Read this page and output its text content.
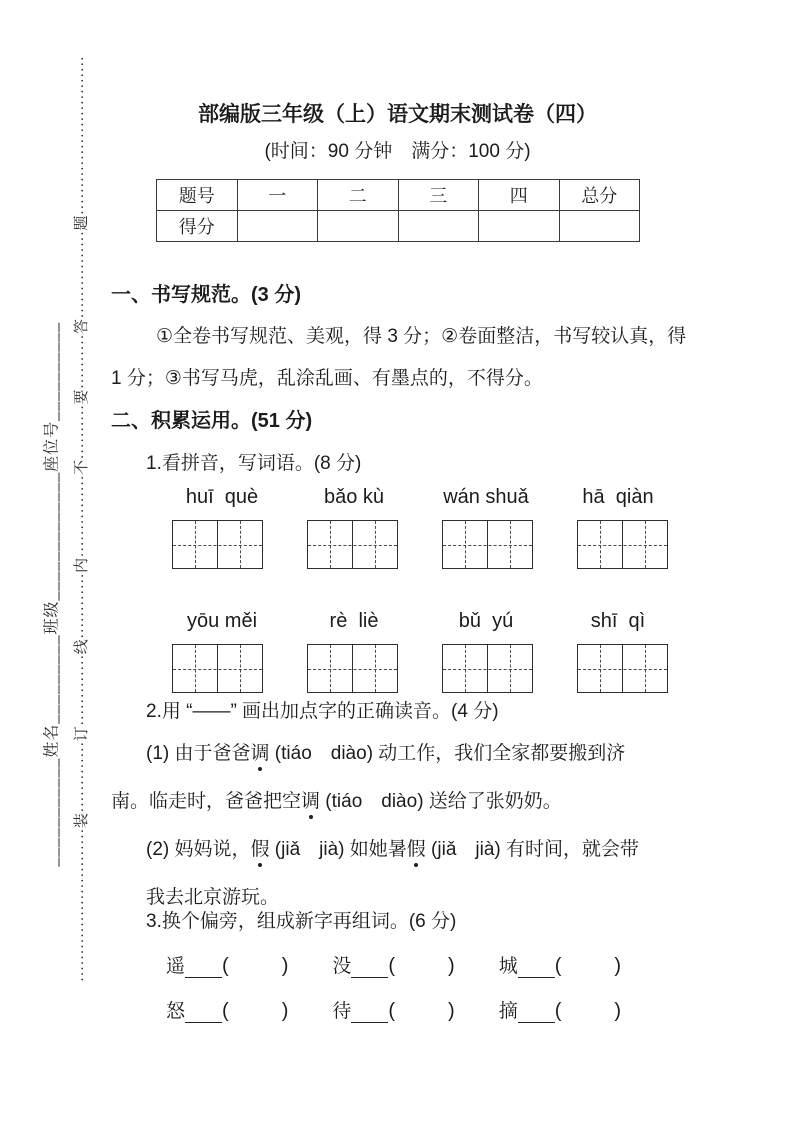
····························装·············订·············线············内···············不··········要··········答················题·····························
___________姓名_________班级_____________座位号__________
部编版三年级（上）语文期末测试卷（四）
(时间：90 分钟　满分：100 分)
题号	一	二	三	四	总分
得分					
一、书写规范。(3 分)
①全卷书写规范、美观，得 3 分；②卷面整洁，书写较认真，得
1 分；③书写马虎，乱涂乱画、有墨点的，不得分。
二、积累运用。(51 分)
1.看拼音，写词语。(8 分)
huī  què	bǎo kù	wán shuǎ	hā  qiàn
yōu měi	rè  liè	bǔ  yú	shī  qì
2.用 “——” 画出加点字的正确读音。(4 分)
(1) 由于爸爸调 (tiáo　diào) 动工作，我们全家都要搬到济
南。临走时，爸爸把空调 (tiáo　diào) 送给了张奶奶。
(2) 妈妈说，假 (jiǎ　jià) 如她暑假 (jiǎ　jià) 有时间，就会带
我去北京游玩。
3.换个偏旁，组成新字再组词。(6 分)
遥 (	) 没 (	) 城 (	)
怒 (	) 待 (	) 摘 (	)
